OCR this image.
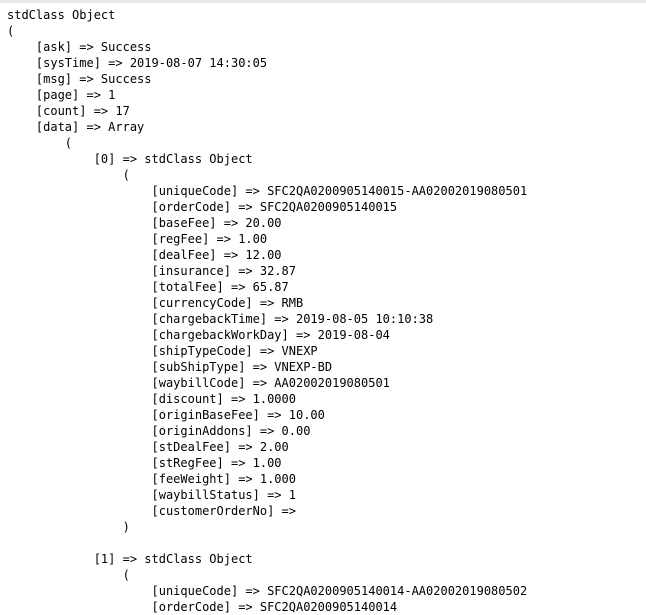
stdClass Object
(
[ask] => Success
[sysTime] => 2019-08-07 14:30:05
[msg] => Success
[page] => 1
[count] => 17
[data] => Array
(
[0] => stdClass Object
(
[uniqueCode] => SFC2QA0200905140015-AA02002019080501
[orderCode] => SFC2QA0200905140015
[baseFee] => 20.00
[regFee] => 1.00
[dealFee] => 12.00
[insurance] => 32.87
[totalFee] => 65.87
[currencyCode] => RMB
[chargebackTime] => 2019-08-05 10:10:38
[chargebackWorkDay] => 2019-08-04
[shipTypeCode] => VNEXP
[subShipType] => VNEXP-BD
[waybillCode] => AA02002019080501
[discount] => 1.0000
[originBaseFee] => 10.00
[originAddons] => 0.00
[stDealFee] => 2.00
[stRegFee] => 1.00
[feeWeight] => 1.000
[waybillStatus] => 1
[customerOrderNo] =>
)
[1] => stdClass Object
(
[uniqueCode] => SFC2QA0200905140014-AA02002019080502
[orderCode] => SFC2QA0200905140014
